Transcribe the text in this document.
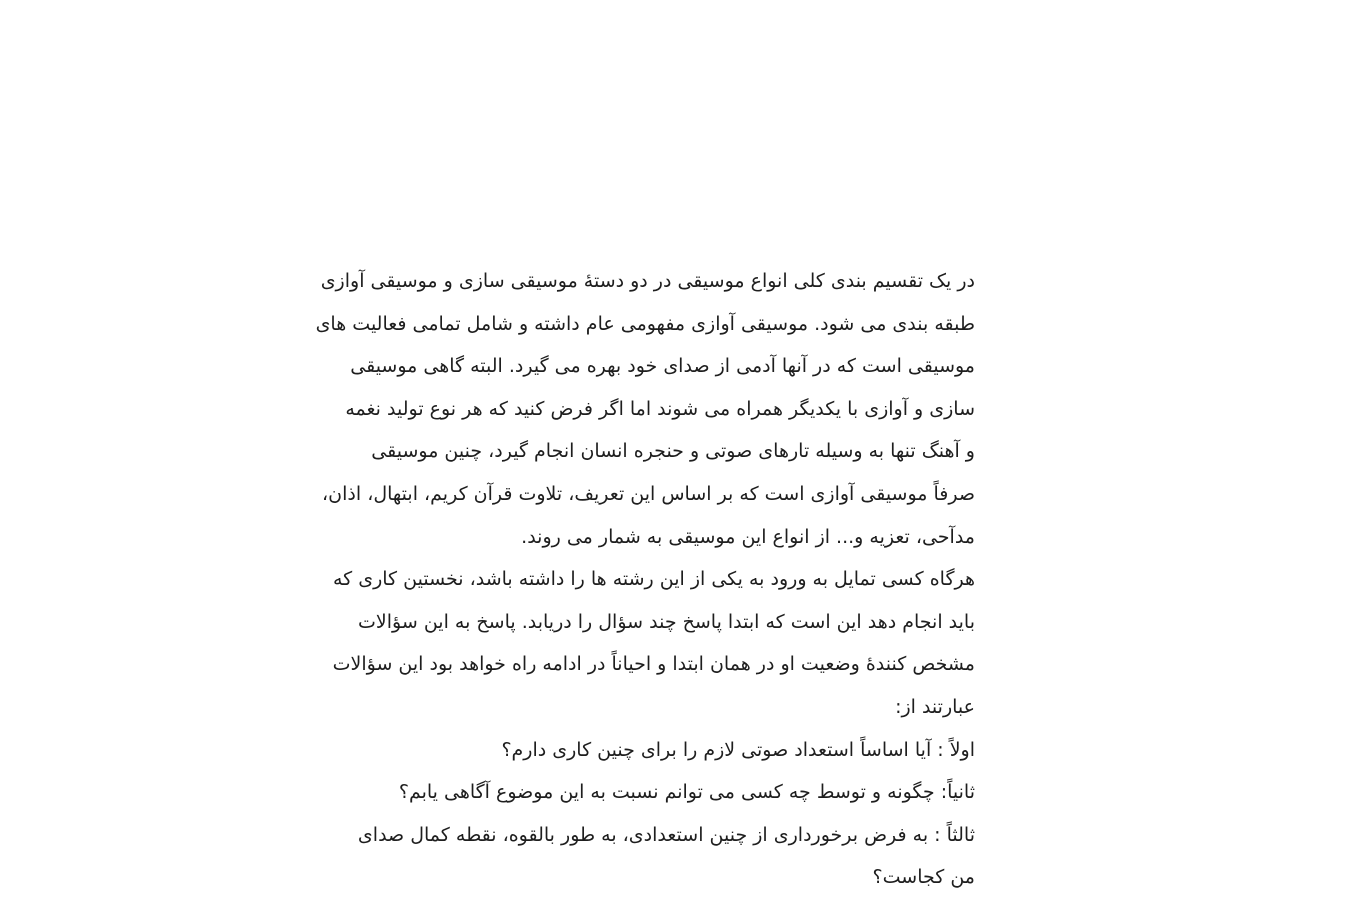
در یک تقسیم بندی کلی انواع موسیقی در دو دستهٔ موسیقی سازی و موسیقی آوازی
طبقه بندی می شود. موسیقی آوازی مفهومی عام داشته و شامل تمامی فعالیت های
موسیقی است که در آنها آدمی از صدای خود بهره می گیرد. البته گاهی موسیقی
سازی و آوازی با یکدیگر همراه می شوند اما اگر فرض کنید که هر نوع تولید نغمه
و آهنگ تنها به وسیله تارهای صوتی و حنجره انسان انجام گیرد، چنین موسیقی
صرفاً موسیقی آوازی است که بر اساس این تعریف، تلاوت قرآن کریم، ابتهال، اذان،
مدآحی، تعزیه و... از انواع این موسیقی به شمار می روند.
هرگاه کسی تمایل به ورود به یکی از این رشته ها را داشته باشد، نخستین کاری که
باید انجام دهد این است که ابتدا پاسخ چند سؤال را دریابد. پاسخ به این سؤالات
مشخص کنندهٔ وضعیت او در همان ابتدا و احیاناً در ادامه راه خواهد بود این سؤالات
عبارتند از:
اولاً : آیا اساساً استعداد صوتی لازم را برای چنین کاری دارم؟
ثانیاً: چگونه و توسط چه کسی می توانم نسبت به این موضوع آگاهی یابم؟
ثالثاً : به فرض برخورداری از چنین استعدادی، به طور بالقوه، نقطه کمال صدای
من کجاست؟
